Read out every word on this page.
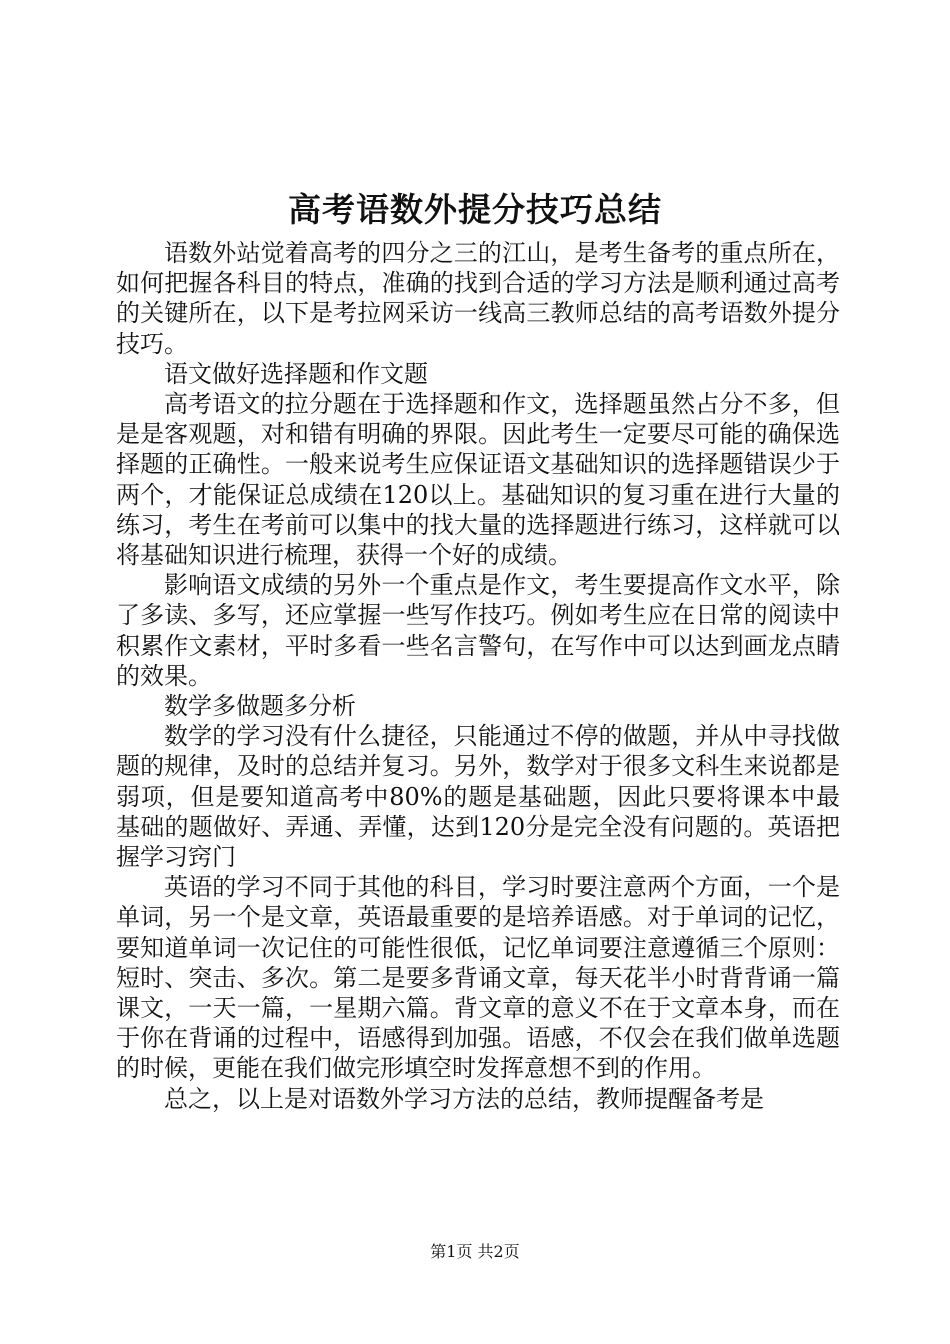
高考语数外提分技巧总结

语数外站觉着高考的四分之三的江山，是考生备考的重点所在，如何把握各科目的特点，准确的找到合适的学习方法是顺利通过高考的关键所在，以下是考拉网采访一线高三教师总结的高考语数外提分技巧。

语文做好选择题和作文题

高考语文的拉分题在于选择题和作文，选择题虽然占分不多，但是是客观题，对和错有明确的界限。因此考生一定要尽可能的确保选择题的正确性。一般来说考生应保证语文基础知识的选择题错误少于两个，才能保证总成绩在120以上。基础知识的复习重在进行大量的练习，考生在考前可以集中的找大量的选择题进行练习，这样就可以将基础知识进行梳理，获得一个好的成绩。

影响语文成绩的另外一个重点是作文，考生要提高作文水平，除了多读、多写，还应掌握一些写作技巧。例如考生应在日常的阅读中积累作文素材，平时多看一些名言警句，在写作中可以达到画龙点睛的效果。

数学多做题多分析

数学的学习没有什么捷径，只能通过不停的做题，并从中寻找做题的规律，及时的总结并复习。另外，数学对于很多文科生来说都是弱项，但是要知道高考中80%的题是基础题，因此只要将课本中最基础的题做好、弄通、弄懂，达到120分是完全没有问题的。英语把握学习窍门

英语的学习不同于其他的科目，学习时要注意两个方面，一个是单词，另一个是文章，英语最重要的是培养语感。对于单词的记忆，要知道单词一次记住的可能性很低，记忆单词要注意遵循三个原则：短时、突击、多次。第二是要多背诵文章，每天花半小时背背诵一篇课文，一天一篇，一星期六篇。背文章的意义不在于文章本身，而在于你在背诵的过程中，语感得到加强。语感，不仅会在我们做单选题的时候，更能在我们做完形填空时发挥意想不到的作用。

总之，以上是对语数外学习方法的总结，教师提醒备考是

第1页 共2页
